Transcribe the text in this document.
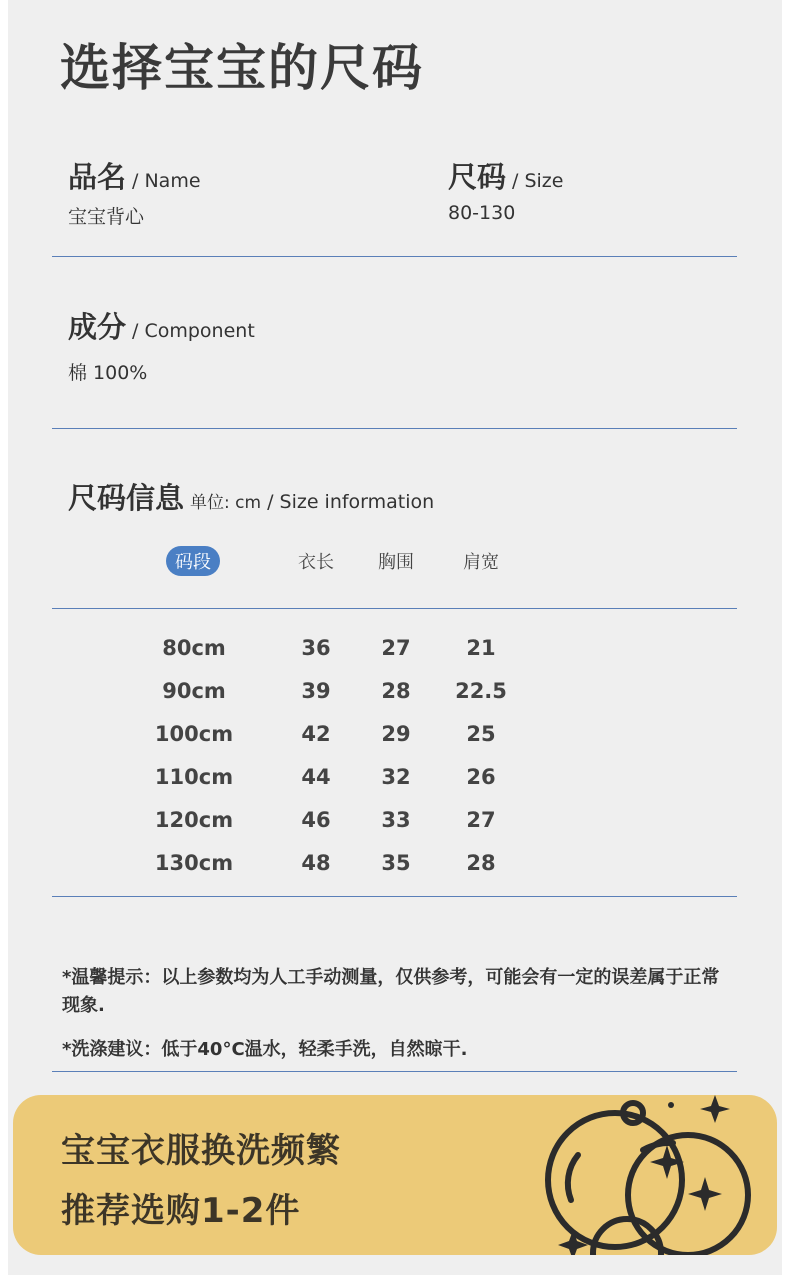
选择宝宝的尺码
品名 / Name
宝宝背心
尺码 / Size
80-130
成分 / Component
棉 100%
尺码信息 单位: cm / Size information
码段	衣长 胸围	肩宽
80cm	36 27	21
90cm	39 28 22.5
100cm	42 29	25
110cm	44 32	26
120cm	46 33	27
130cm	48 35	28
*温馨提示：以上参数均为人工手动测量，仅供参考，可能会有一定的误差属于正常现象.
*洗涤建议：低于40°C温水，轻柔手洗，自然晾干.
宝宝衣服换洗频繁
推荐选购1-2件
